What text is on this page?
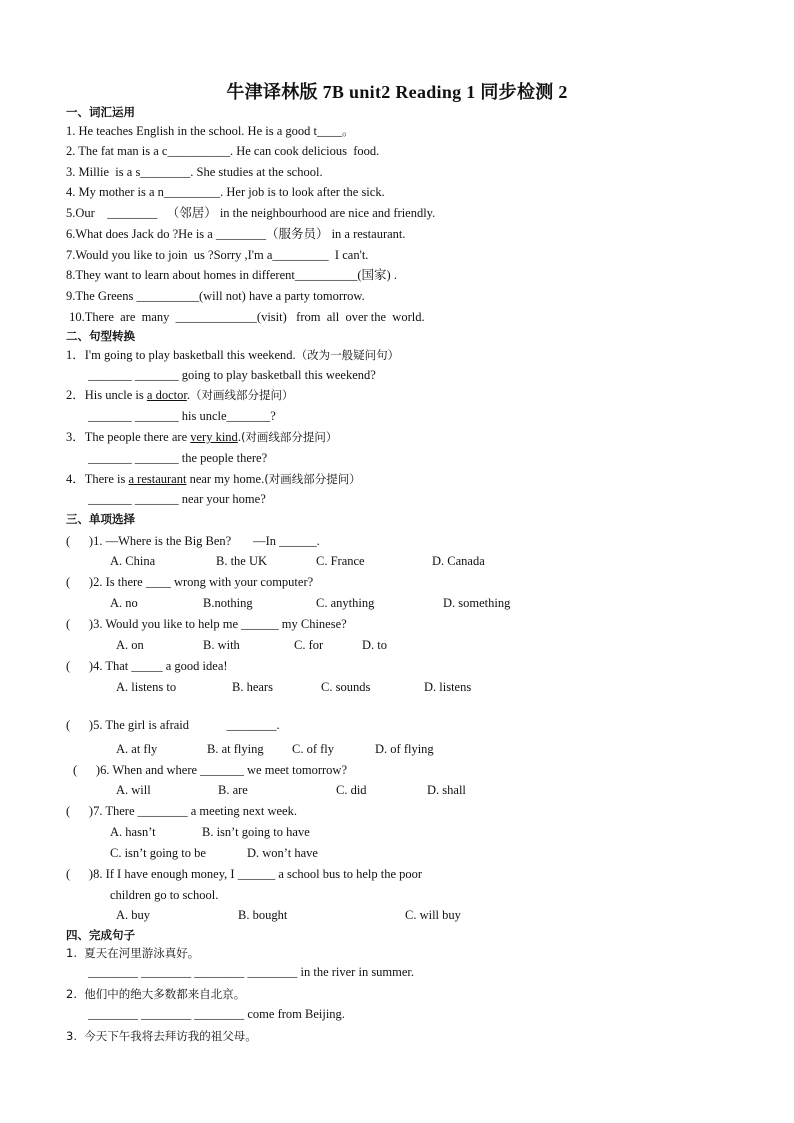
牛津译林版 7B unit2 Reading 1 同步检测 2
一、词汇运用
1. He teaches English in the school. He is a good t____。
2. The fat man is a c__________. He can cook delicious  food.
3. Millie  is a s________. She studies at the school.
4. My mother is a n_________. Her job is to look after the sick.
5.Our    ________   （邻居） in the neighbourhood are nice and friendly.
6.What does Jack do ?He is a ________（服务员） in a restaurant.
7.Would you like to join  us ?Sorry ,I'm a_________  I can't.
8.They want to learn about homes in different__________(国家) .
9.The Greens __________(will not) have a party tomorrow.
10.There  are  many  _____________(visit)   from  all  over the  world.
二、句型转换
1．I'm going to play basketball this weekend.（改为一般疑问句）
_______ _______ going to play basketball this weekend?
2．His uncle is a doctor.（对画线部分提问）
_______ _______ his uncle_______?
3．The people there are very kind.(对画线部分提问）
_______ _______ the people there?
4．There is a restaurant near my home.(对画线部分提问）
_______ _______ near your home?
三、单项选择
(      )1. —Where is the Big Ben?       —In ______.
A. China	B. the UK	C. France	D. Canada
(      )2. Is there ____ wrong with your computer?
A. no	B.nothing	C. anything	D. something
(      )3. Would you like to help me ______ my Chinese?
A. on	B. with	C. for	D. to
(      )4. That _____ a good idea!
A. listens to	B. hears	C. sounds	D. listens
(      )5. The girl is afraid            ________.
A. at fly	B. at flying C. of fly	D. of flying
(      )6. When and where _______ we meet tomorrow?
A. will	B. are	C. did	D. shall
(      )7. There ________ a meeting next week.
A. hasn’t	B. isn’t going to have
C. isn’t going to be	D. won’t have
(      )8. If I have enough money, I ______ a school bus to help the poor
children go to school.
A. buy	B. bought	C. will buy
四、完成句子
1.  夏天在河里游泳真好。
________ ________ ________ ________ in the river in summer.
2.  他们中的绝大多数都来自北京。
________ ________ ________ come from Beijing.
3.  今天下午我将去拜访我的祖父母。
